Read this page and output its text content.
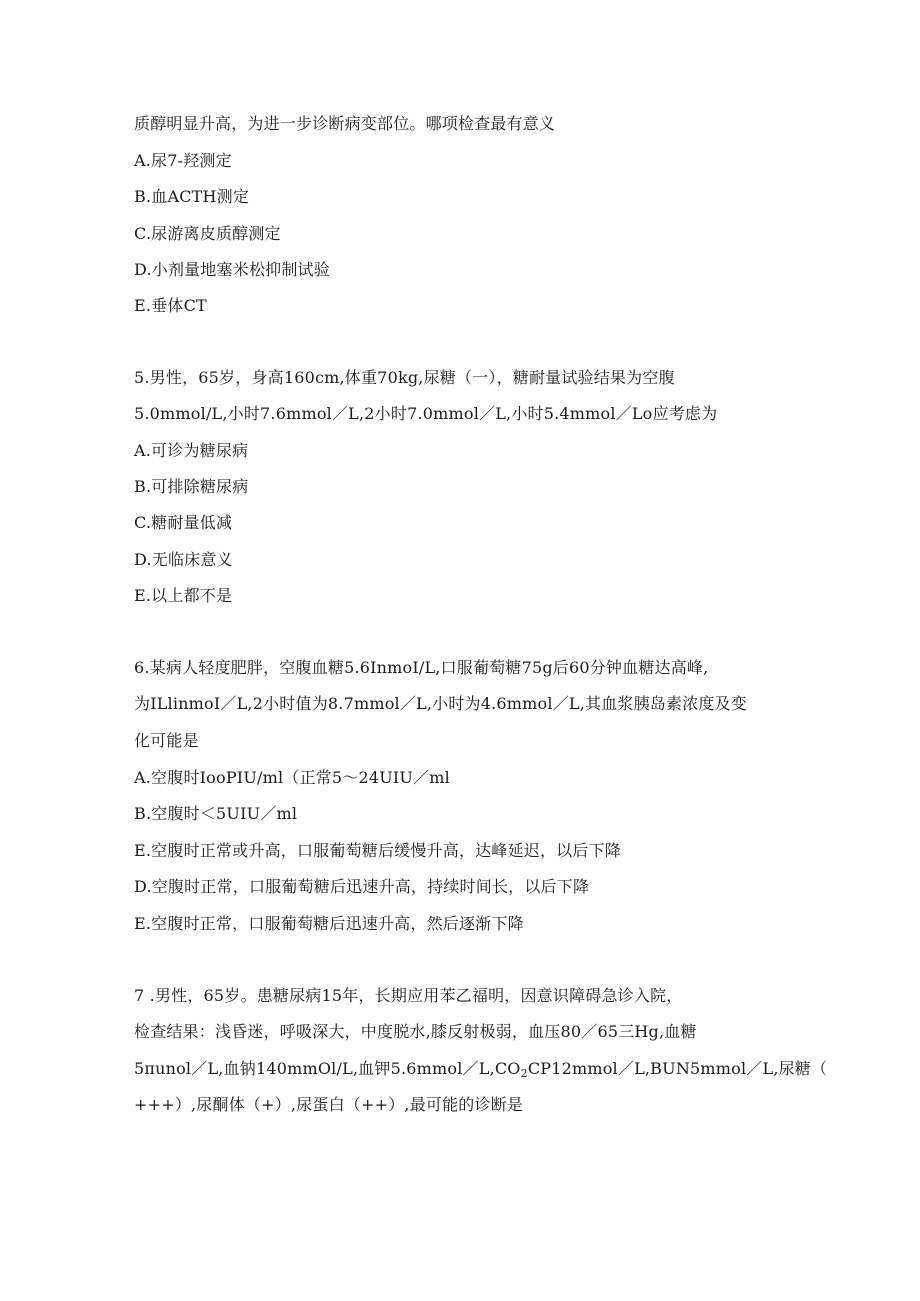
质醇明显升高，为进一步诊断病变部位。哪项检查最有意义
A.尿7-羟测定
B.血ACTH测定
C.尿游离皮质醇测定
D.小剂量地塞米松抑制试验
E.垂体CT
5.男性，65岁，身高160cm,体重70kg,尿糖（一），糖耐量试验结果为空腹
5.0mmol/L,小时7.6mmol／L,2小时7.0mmol／L,小时5.4mmol／Lo应考虑为
A.可诊为糖尿病
B.可排除糖尿病
C.糖耐量低减
D.无临床意义
E.以上都不是
6.某病人轻度肥胖，空腹血糖5.6InmoI/L,口服葡萄糖75g后60分钟血糖达高峰,
为ILlinmoI／L,2小时值为8.7mmol／L,小时为4.6mmol／L,其血浆胰岛素浓度及变
化可能是
A.空腹时IooPIU/ml（正常5～24UIU／ml
B.空腹时＜5UIU／ml
E.空腹时正常或升高，口服葡萄糖后缓慢升高，达峰延迟，以后下降
D.空腹时正常，口服葡萄糖后迅速升高，持续时间长，以后下降
E.空腹时正常，口服葡萄糖后迅速升高，然后逐渐下降
7 .男性，65岁。患糖尿病15年，长期应用苯乙福明，因意识障碍急诊入院，
检查结果：浅昏迷，呼吸深大，中度脱水,膝反射极弱，血压80／65三Hg,血糖
5πunol／L,血钠140mmOl/L,血钾$5.6mmol/L,CO_2CP12mmol/L,BUN5mmol/L$,尿糖（
+++）,尿酮体（+）,尿蛋白（++）,最可能的诊断是
